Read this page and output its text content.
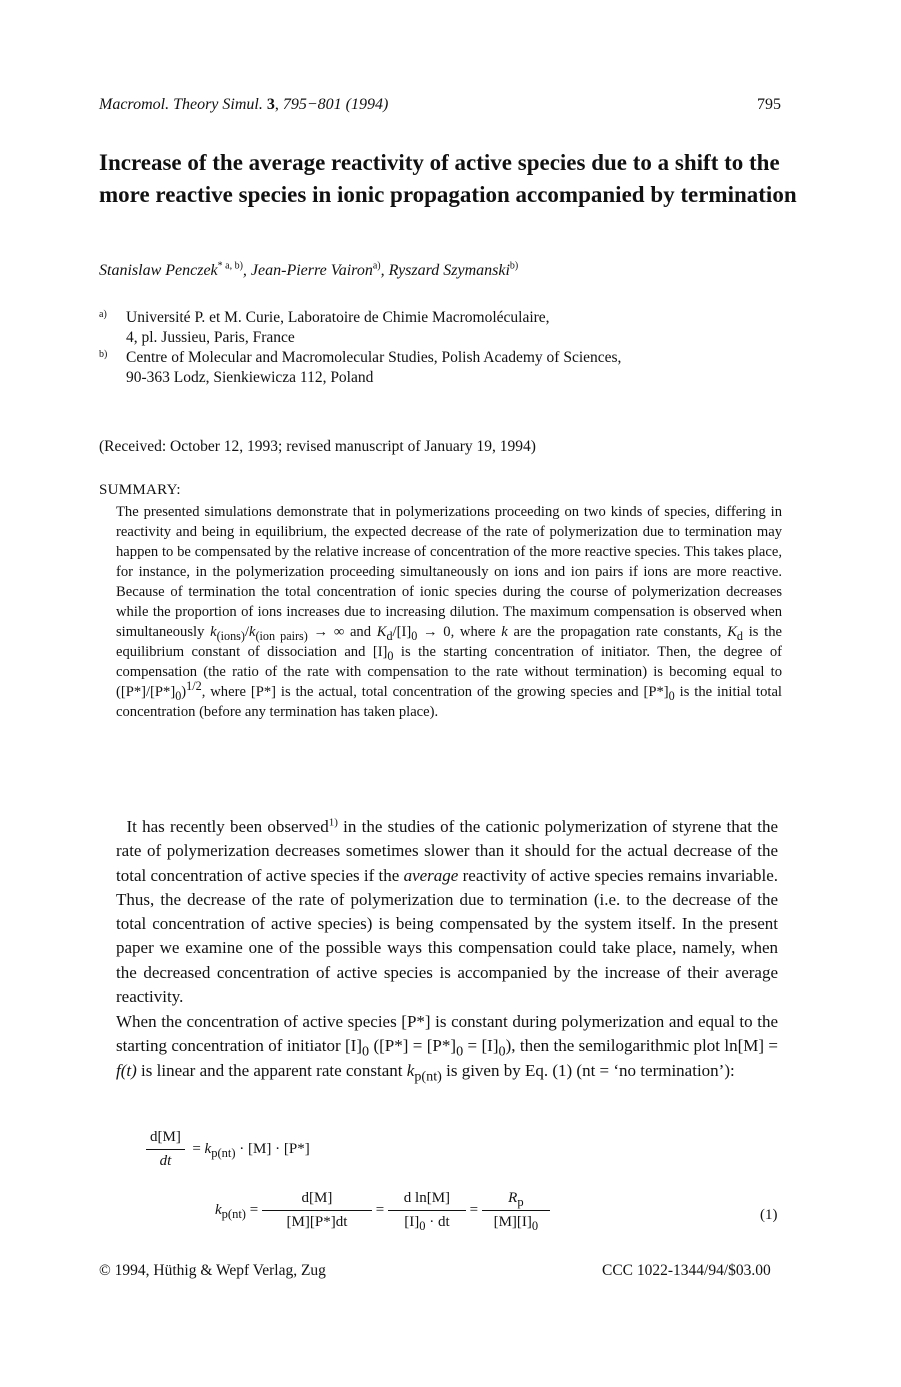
Macromol. Theory Simul. 3, 795−801 (1994)	795
Increase of the average reactivity of active species due to a shift to the more reactive species in ionic propagation accompanied by termination
Stanislaw Penczek$^{* a, b)}$, Jean-Pierre Vairon$^{a)}$, Ryszard Szymanski$^{b)}$
a) Université P. et M. Curie, Laboratoire de Chimie Macromoléculaire,
4, pl. Jussieu, Paris, France
b) Centre of Molecular and Macromolecular Studies, Polish Academy of Sciences,
90-363 Lodz, Sienkiewicza 112, Poland
(Received: October 12, 1993; revised manuscript of January 19, 1994)
SUMMARY:

The presented simulations demonstrate that in polymerizations proceeding on two kinds of species, differing in reactivity and being in equilibrium, the expected decrease of the rate of polymerization due to termination may happen to be compensated by the relative increase of concentration of the more reactive species. This takes place, for instance, in the polymerization proceeding simultaneously on ions and ion pairs if ions are more reactive. Because of termination the total concentration of ionic species during the course of polymerization decreases while the proportion of ions increases due to increasing dilution. The maximum compensation is observed when simultaneously $k_{(ions)}/k_{(ion pairs)}$ → ∞ and $K_d/[I]_0 \to 0$, where k are the propagation rate constants, $K_d$ is the equilibrium constant of dissociation and $[I]_0$ is the starting concentration of initiator. Then, the degree of compensation (the ratio of the rate with compensation to the rate without termination) is becoming equal to $([P*]/[P*]_0)^{1/2}$, where [P*] is the actual, total concentration of the growing species and $[P*]_0$ is the initial total concentration (before any termination has taken place).

It has recently been observed$^{1)}$ in the studies of the cationic polymerization of styrene that the rate of polymerization decreases sometimes slower than it should for the actual decrease of the total concentration of active species if the average reactivity of active species remains invariable. Thus, the decrease of the rate of polymerization due to termination (i.e. to the decrease of the total concentration of active species) is being compensated by the system itself. In the present paper we examine one of the possible ways this compensation could take place, namely, when the decreased concentration of active species is accompanied by the increase of their average reactivity.

When the concentration of active species [P*] is constant during polymerization and equal to the starting concentration of initiator $[I]_0$ $([P*] = [P*]_0 = [I]_0)$, then the semilogarithmic plot ln[M] = f(t) is linear and the apparent rate constant $k_{p(nt)}$ is given by Eq. (1) (nt = ‘no termination’):

$\frac{d[M]}{dt} = k_{p(nt)} \cdot [M] \cdot [P*]$
$k_{p(nt)} = \frac{d[M]}{[M][P*]dt} = \frac{\text{d ln[M]}}{[I]_0 \cdot dt} = \frac{R_p}{[M][I]_0}$	(1)
© 1994, Hüthig & Wepf Verlag, Zug	CCC 1022-1344/94/$03.00
